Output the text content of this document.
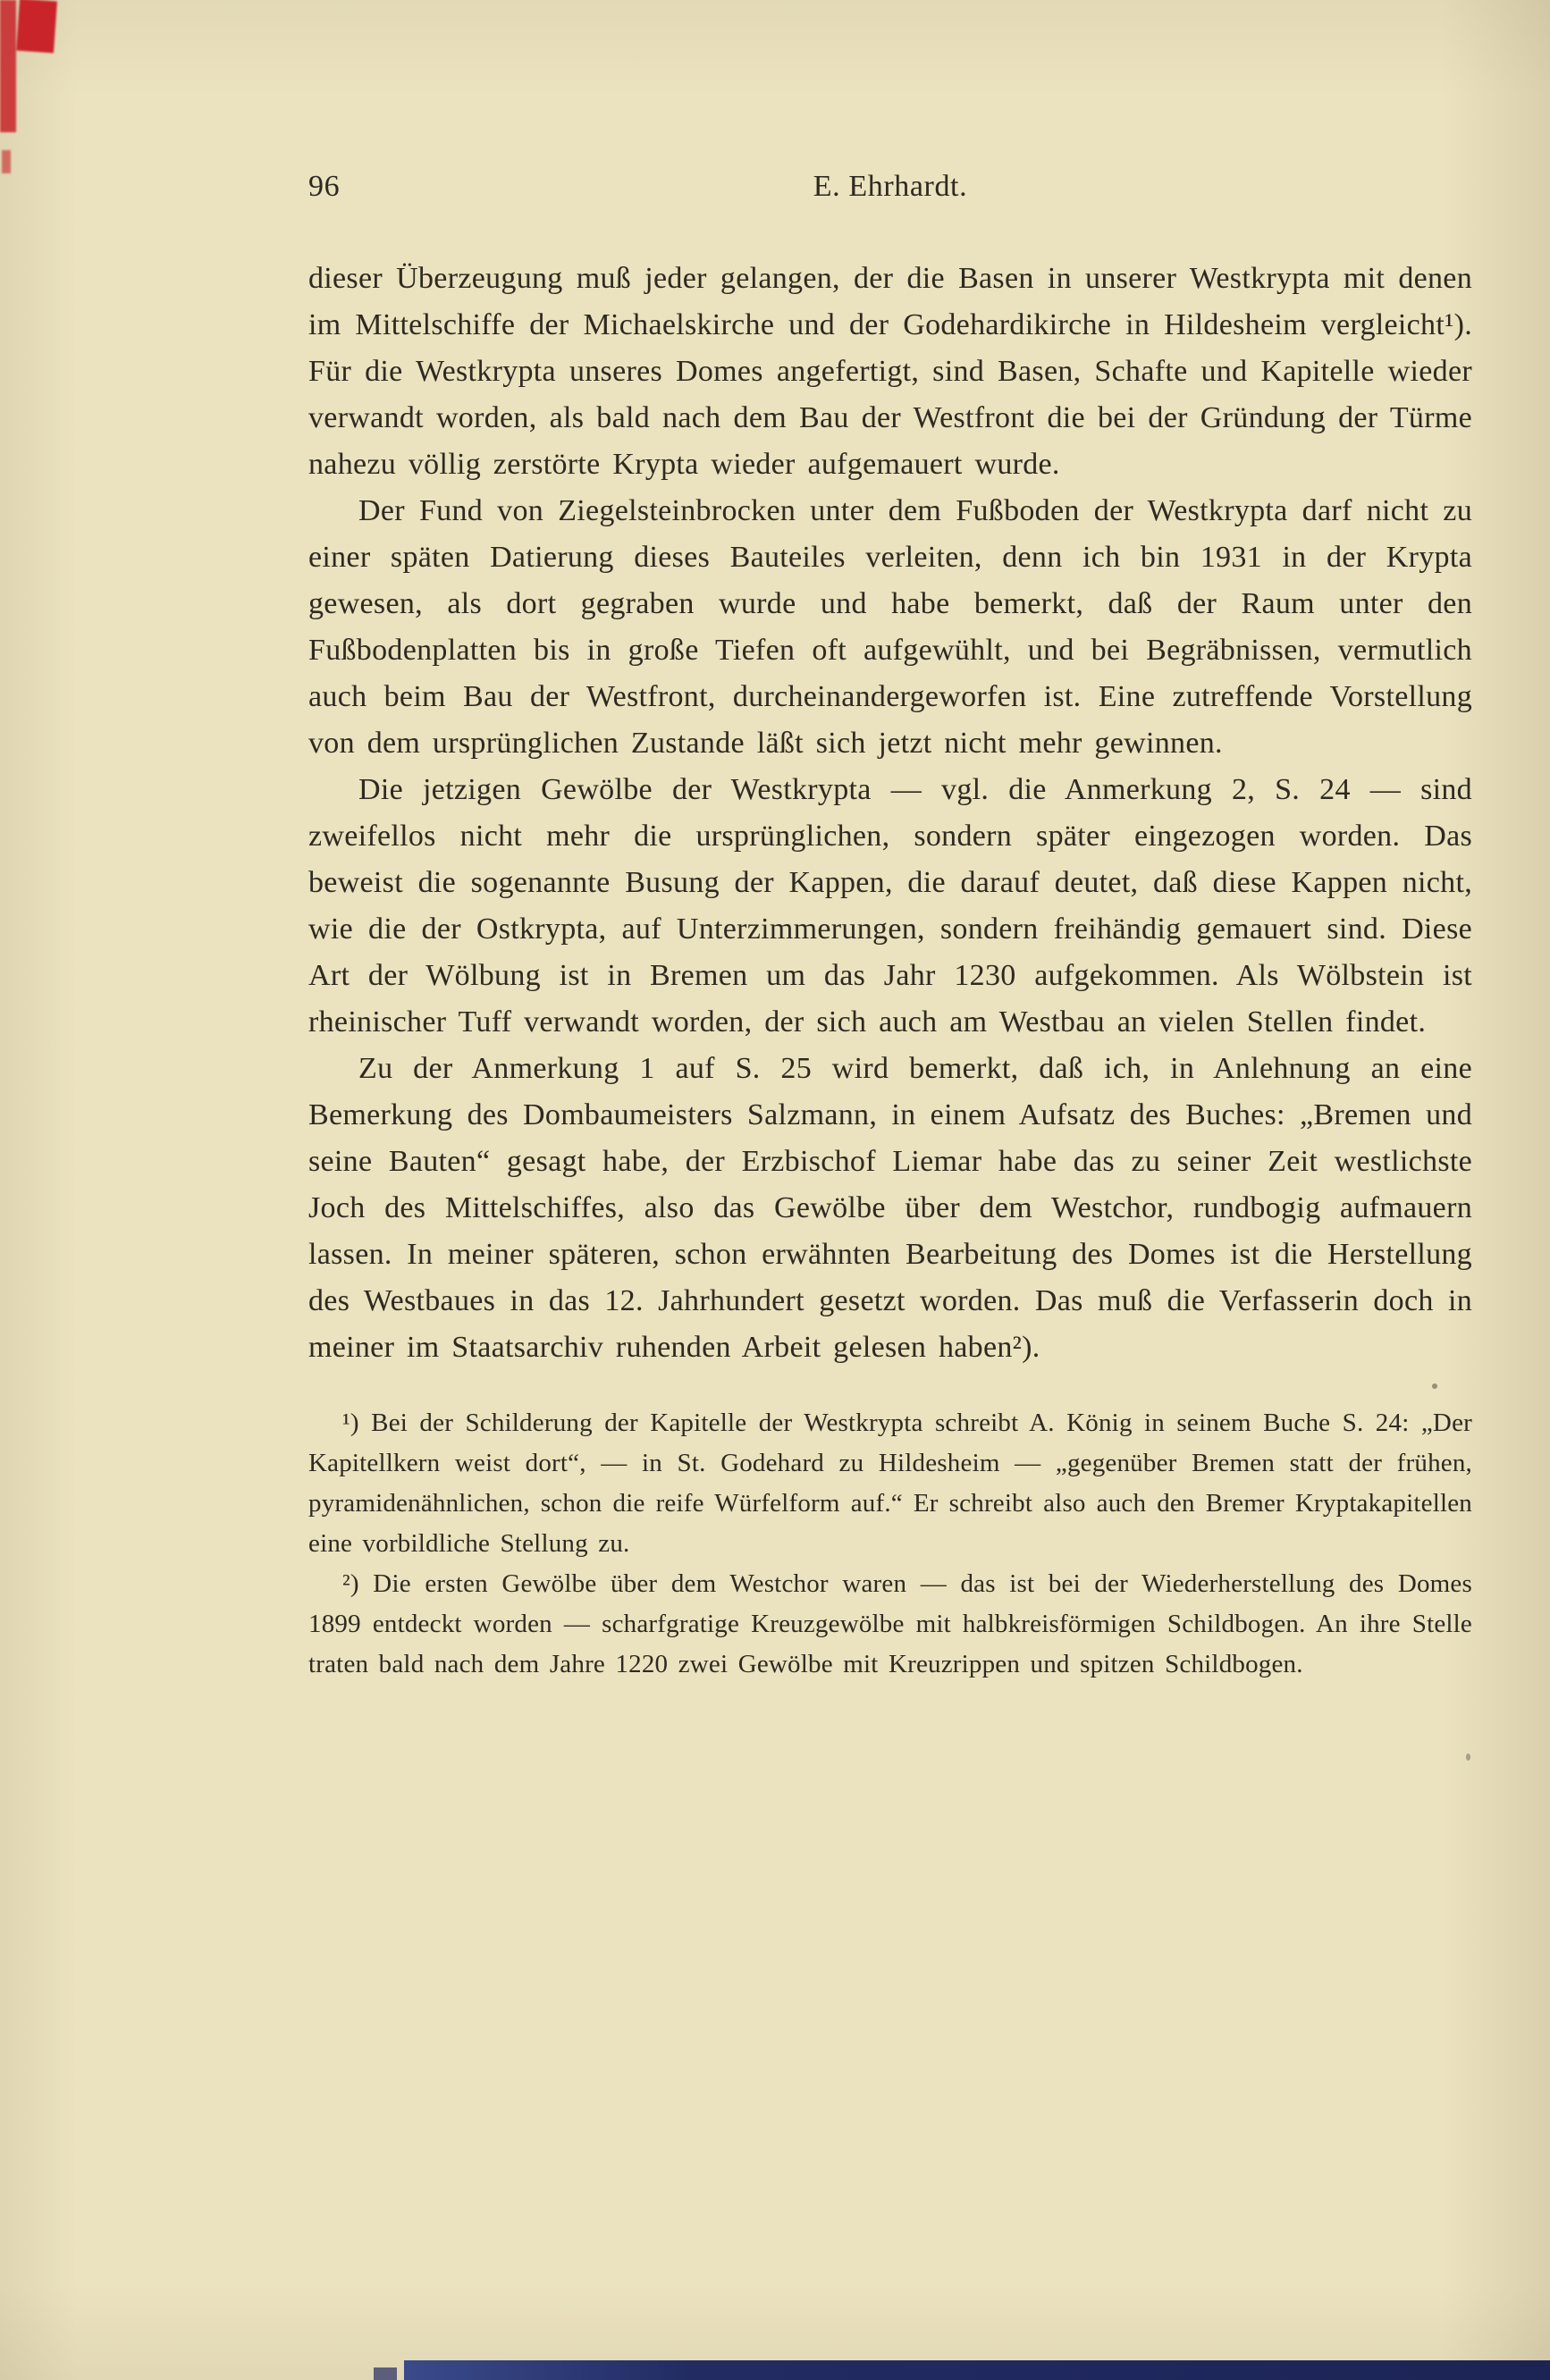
96	E. Ehrhardt.

dieser Überzeugung muß jeder gelangen, der die Basen in unserer Westkrypta mit denen im Mittelschiffe der Michaelskirche und der Godehardikirche in Hildesheim vergleicht¹). Für die Westkrypta unseres Domes angefertigt, sind Basen, Schafte und Kapitelle wieder verwandt worden, als bald nach dem Bau der Westfront die bei der Gründung der Türme nahezu völlig zerstörte Krypta wieder aufgemauert wurde.

Der Fund von Ziegelsteinbrocken unter dem Fußboden der Westkrypta darf nicht zu einer späten Datierung dieses Bauteiles verleiten, denn ich bin 1931 in der Krypta gewesen, als dort gegraben wurde und habe bemerkt, daß der Raum unter den Fußbodenplatten bis in große Tiefen oft aufgewühlt, und bei Begräbnissen, vermutlich auch beim Bau der Westfront, durcheinandergeworfen ist. Eine zutreffende Vorstellung von dem ursprünglichen Zustande läßt sich jetzt nicht mehr gewinnen.

Die jetzigen Gewölbe der Westkrypta — vgl. die Anmerkung 2, S. 24 — sind zweifellos nicht mehr die ursprünglichen, sondern später eingezogen worden. Das beweist die sogenannte Busung der Kappen, die darauf deutet, daß diese Kappen nicht, wie die der Ostkrypta, auf Unterzimmerungen, sondern freihändig gemauert sind. Diese Art der Wölbung ist in Bremen um das Jahr 1230 aufgekommen. Als Wölbstein ist rheinischer Tuff verwandt worden, der sich auch am Westbau an vielen Stellen findet.

Zu der Anmerkung 1 auf S. 25 wird bemerkt, daß ich, in Anlehnung an eine Bemerkung des Dombaumeisters Salzmann, in einem Aufsatz des Buches: „Bremen und seine Bauten“ gesagt habe, der Erzbischof Liemar habe das zu seiner Zeit westlichste Joch des Mittelschiffes, also das Gewölbe über dem Westchor, rundbogig aufmauern lassen. In meiner späteren, schon erwähnten Bearbeitung des Domes ist die Herstellung des Westbaues in das 12. Jahrhundert gesetzt worden. Das muß die Verfasserin doch in meiner im Staatsarchiv ruhenden Arbeit gelesen haben²).

¹) Bei der Schilderung der Kapitelle der Westkrypta schreibt A. König in seinem Buche S. 24: „Der Kapitellkern weist dort“, — in St. Godehard zu Hildesheim — „gegenüber Bremen statt der frühen, pyramidenähnlichen, schon die reife Würfelform auf.“ Er schreibt also auch den Bremer Kryptakapitellen eine vorbildliche Stellung zu.

²) Die ersten Gewölbe über dem Westchor waren — das ist bei der Wiederherstellung des Domes 1899 entdeckt worden — scharfgratige Kreuzgewölbe mit halbkreisförmigen Schildbogen. An ihre Stelle traten bald nach dem Jahre 1220 zwei Gewölbe mit Kreuzrippen und spitzen Schildbogen.
